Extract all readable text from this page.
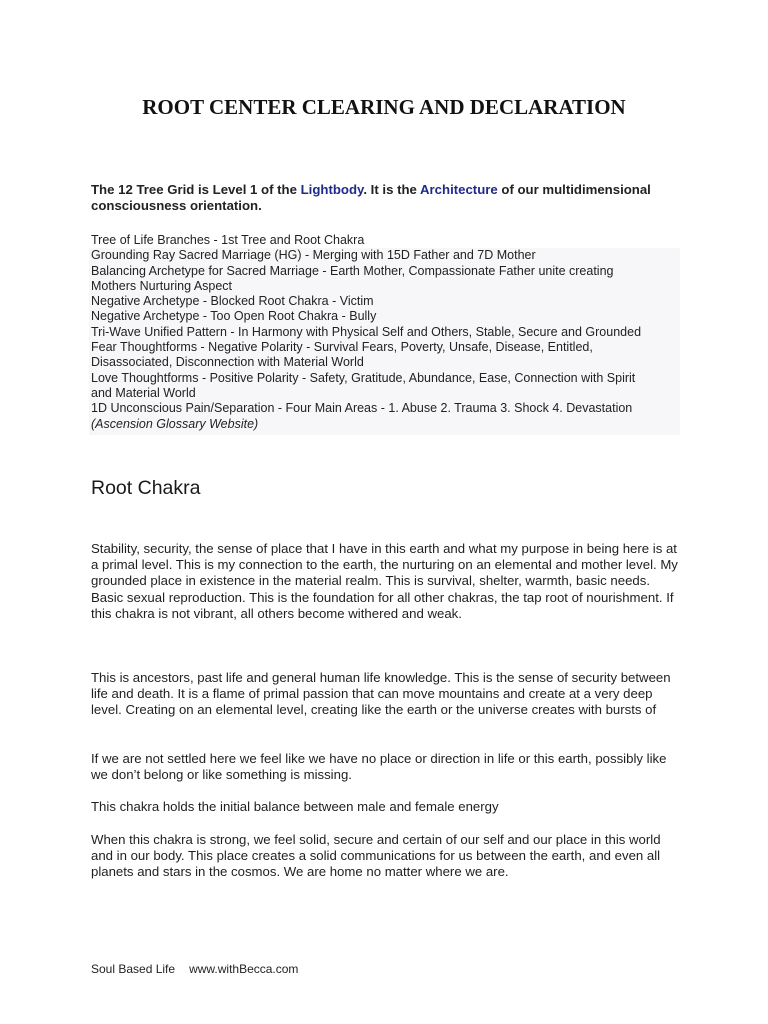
ROOT CENTER CLEARING AND DECLARATION

The 12 Tree Grid is Level 1 of the Lightbody. It is the Architecture of our multidimensional consciousness orientation.

Tree of Life Branches - 1st Tree and Root Chakra
Grounding Ray Sacred Marriage (HG) - Merging with 15D Father and 7D Mother
Balancing Archetype for Sacred Marriage - Earth Mother, Compassionate Father unite creating
Mothers Nurturing Aspect
Negative Archetype - Blocked Root Chakra - Victim
Negative Archetype - Too Open Root Chakra - Bully
Tri-Wave Unified Pattern - In Harmony with Physical Self and Others, Stable, Secure and Grounded
Fear Thoughtforms - Negative Polarity - Survival Fears, Poverty, Unsafe, Disease, Entitled,
Disassociated, Disconnection with Material World
Love Thoughtforms - Positive Polarity - Safety, Gratitude, Abundance, Ease, Connection with Spirit
and Material World
1D Unconscious Pain/Separation - Four Main Areas - 1. Abuse 2. Trauma 3. Shock 4. Devastation
(Ascension Glossary Website)
Root Chakra

Stability, security, the sense of place that I have in this earth and what my purpose in being here is at a primal level. This is my connection to the earth, the nurturing on an elemental and mother level. My grounded place in existence in the material realm. This is survival, shelter, warmth, basic needs. Basic sexual reproduction. This is the foundation for all other chakras, the tap root of nourishment. If this chakra is not vibrant, all others become withered and weak.

This is ancestors, past life and general human life knowledge. This is the sense of security between life and death. It is a flame of primal passion that can move mountains and create at a very deep level. Creating on an elemental level, creating like the earth or the universe creates with bursts of

If we are not settled here we feel like we have no place or direction in life or this earth, possibly like we don’t belong or like something is missing.

This chakra holds the initial balance between male and female energy

When this chakra is strong, we feel solid, secure and certain of our self and our place in this world and in our body. This place creates a solid communications for us between the earth, and even all planets and stars in the cosmos. We are home no matter where we are.

Soul Based Life www.withBecca.com
